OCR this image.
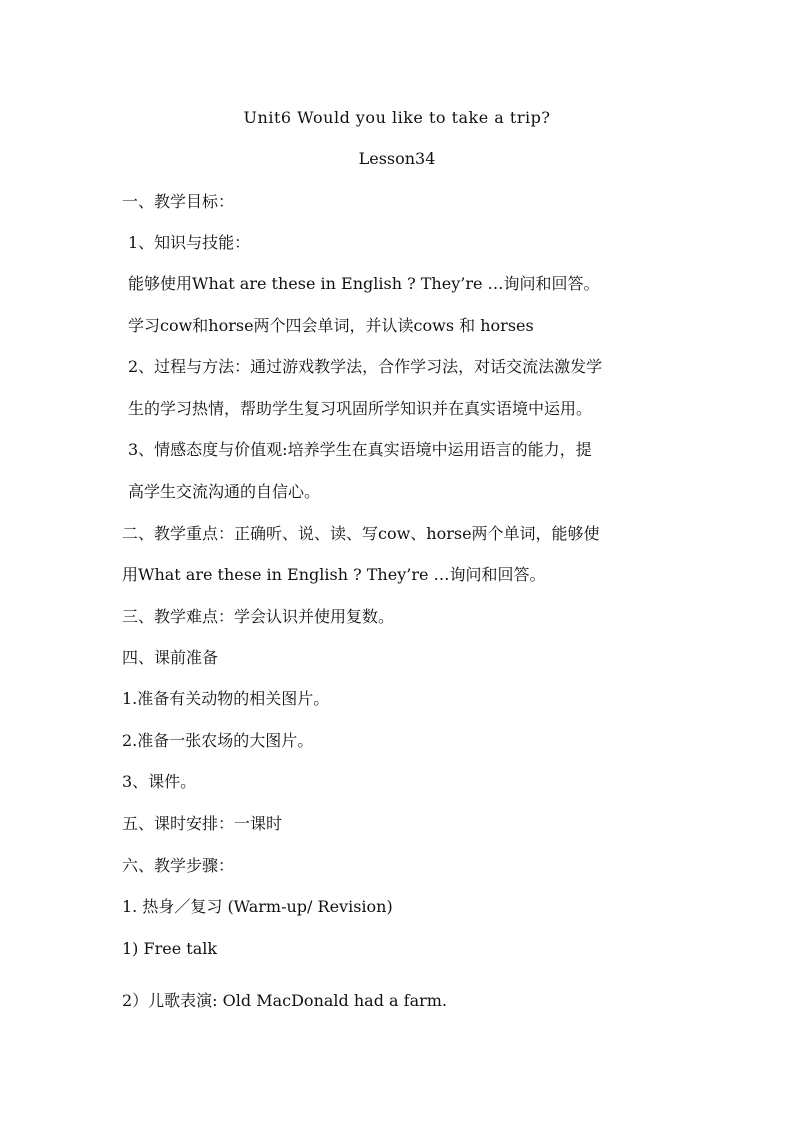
Unit6 Would you like to take a trip?
Lesson34
一、教学目标：
1、知识与技能：
能够使用What are these in English ? They’re …询问和回答。
学习cow和horse两个四会单词，并认读cows 和 horses
2、过程与方法：通过游戏教学法，合作学习法，对话交流法激发学
生的学习热情，帮助学生复习巩固所学知识并在真实语境中运用。
3、情感态度与价值观:培养学生在真实语境中运用语言的能力，提
高学生交流沟通的自信心。
二、教学重点：正确听、说、读、写cow、horse两个单词，能够使
用What are these in English ? They’re …询问和回答。
三、教学难点：学会认识并使用复数。
四、课前准备
1.准备有关动物的相关图片。
2.准备一张农场的大图片。
3、课件。
五、课时安排：一课时
六、教学步骤：
1. 热身／复习 (Warm-up/ Revision)
1) Free talk
2）儿歌表演: Old MacDonald had a farm.
